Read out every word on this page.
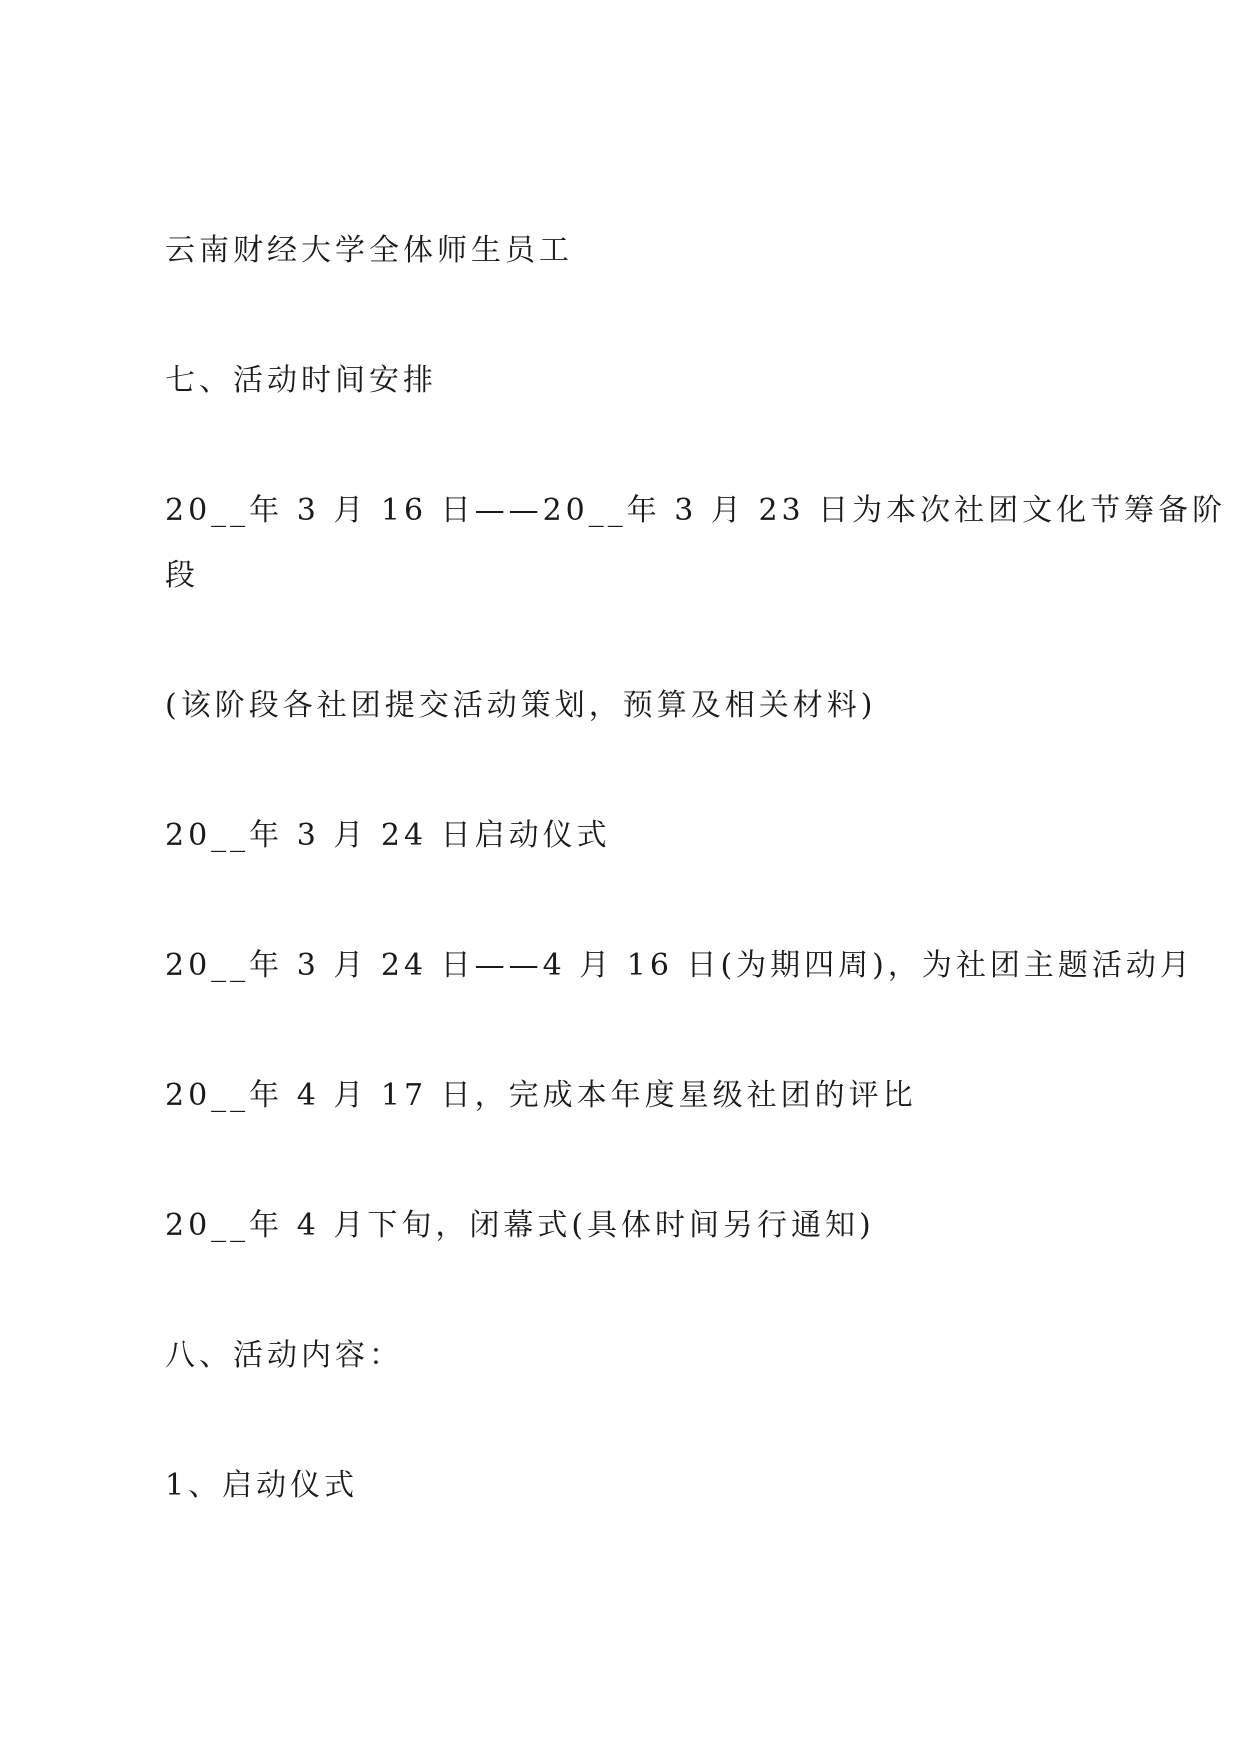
云南财经大学全体师生员工

七、活动时间安排

20__年 3 月 16 日——20__年 3 月 23 日为本次社团文化节筹备阶

段

(该阶段各社团提交活动策划，预算及相关材料)

20__年 3 月 24 日启动仪式

20__年 3 月 24 日——4 月 16 日(为期四周)，为社团主题活动月

20__年 4 月 17 日，完成本年度星级社团的评比

20__年 4 月下旬，闭幕式(具体时间另行通知)

八、活动内容：

1、启动仪式
